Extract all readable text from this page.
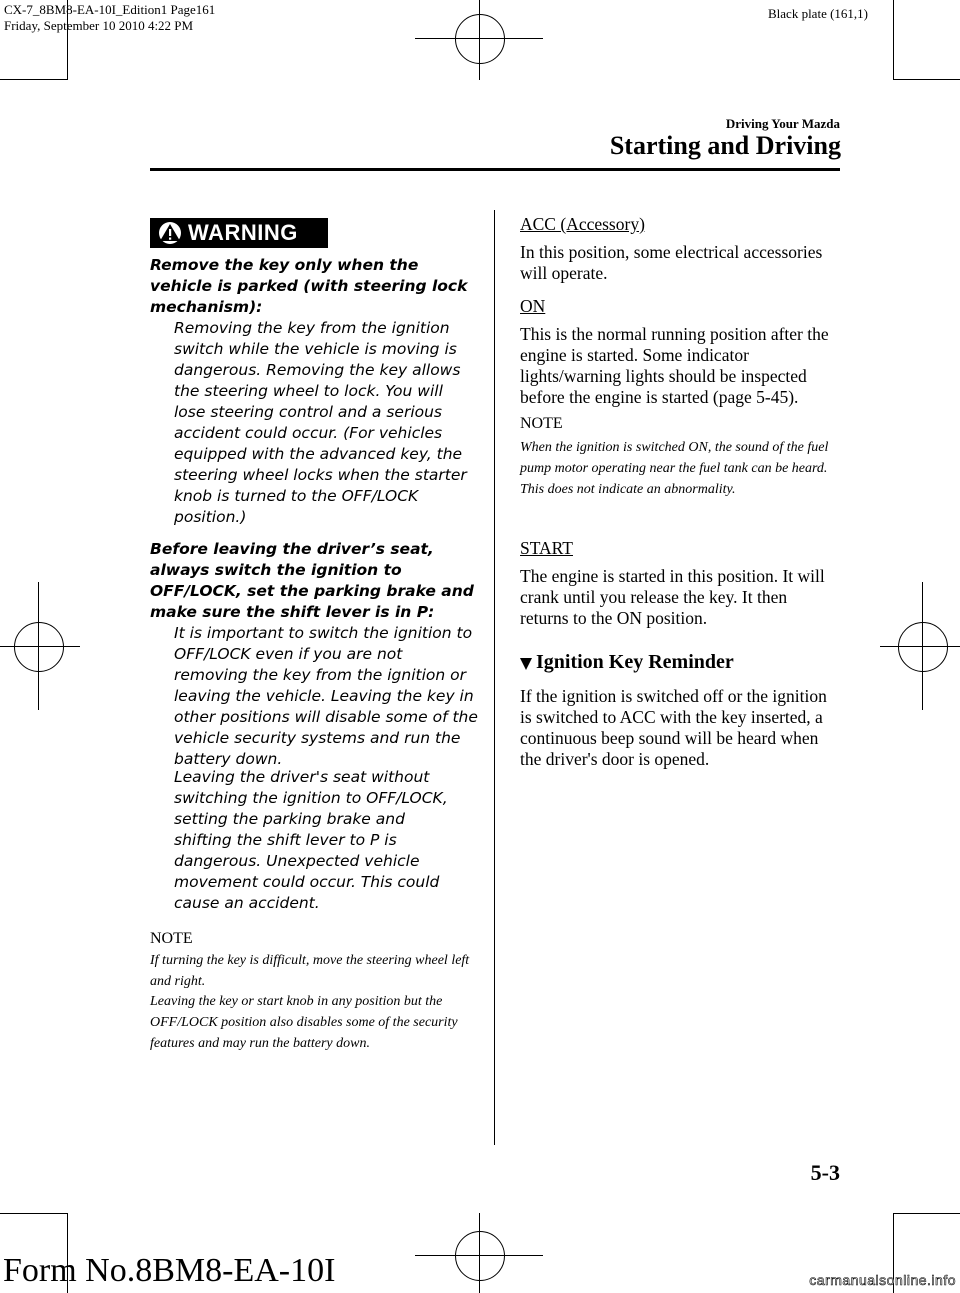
CX-7_8BM8-EA-10I_Edition1 Page161
Friday, September 10 2010 4:22 PM
Black plate (161,1)
Driving Your Mazda
Starting and Driving
WARNING
Remove the key only when the vehicle is parked (with steering lock mechanism):
Removing the key from the ignition switch while the vehicle is moving is dangerous. Removing the key allows the steering wheel to lock. You will lose steering control and a serious accident could occur. (For vehicles equipped with the advanced key, the steering wheel locks when the starter knob is turned to the OFF/LOCK position.)
Before leaving the driver’s seat, always switch the ignition to OFF/LOCK, set the parking brake and make sure the shift lever is in P:
It is important to switch the ignition to OFF/LOCK even if you are not removing the key from the ignition or leaving the vehicle. Leaving the key in other positions will disable some of the vehicle security systems and run the battery down.
Leaving the driver's seat without switching the ignition to OFF/LOCK, setting the parking brake and shifting the shift lever to P is dangerous. Unexpected vehicle movement could occur. This could cause an accident.
NOTE
If turning the key is difficult, move the steering wheel left and right.
Leaving the key or start knob in any position but the OFF/LOCK position also disables some of the security features and may run the battery down.
ACC (Accessory)
In this position, some electrical accessories will operate.
ON
This is the normal running position after the engine is started. Some indicator lights/warning lights should be inspected before the engine is started (page 5-45).
NOTE
When the ignition is switched ON, the sound of the fuel pump motor operating near the fuel tank can be heard. This does not indicate an abnormality.
START
The engine is started in this position. It will crank until you release the key. It then returns to the ON position.
Ignition Key Reminder
If the ignition is switched off or the ignition is switched to ACC with the key inserted, a continuous beep sound will be heard when the driver's door is opened.
5-3
Form No.8BM8-EA-10I	carmanualsonline.info
